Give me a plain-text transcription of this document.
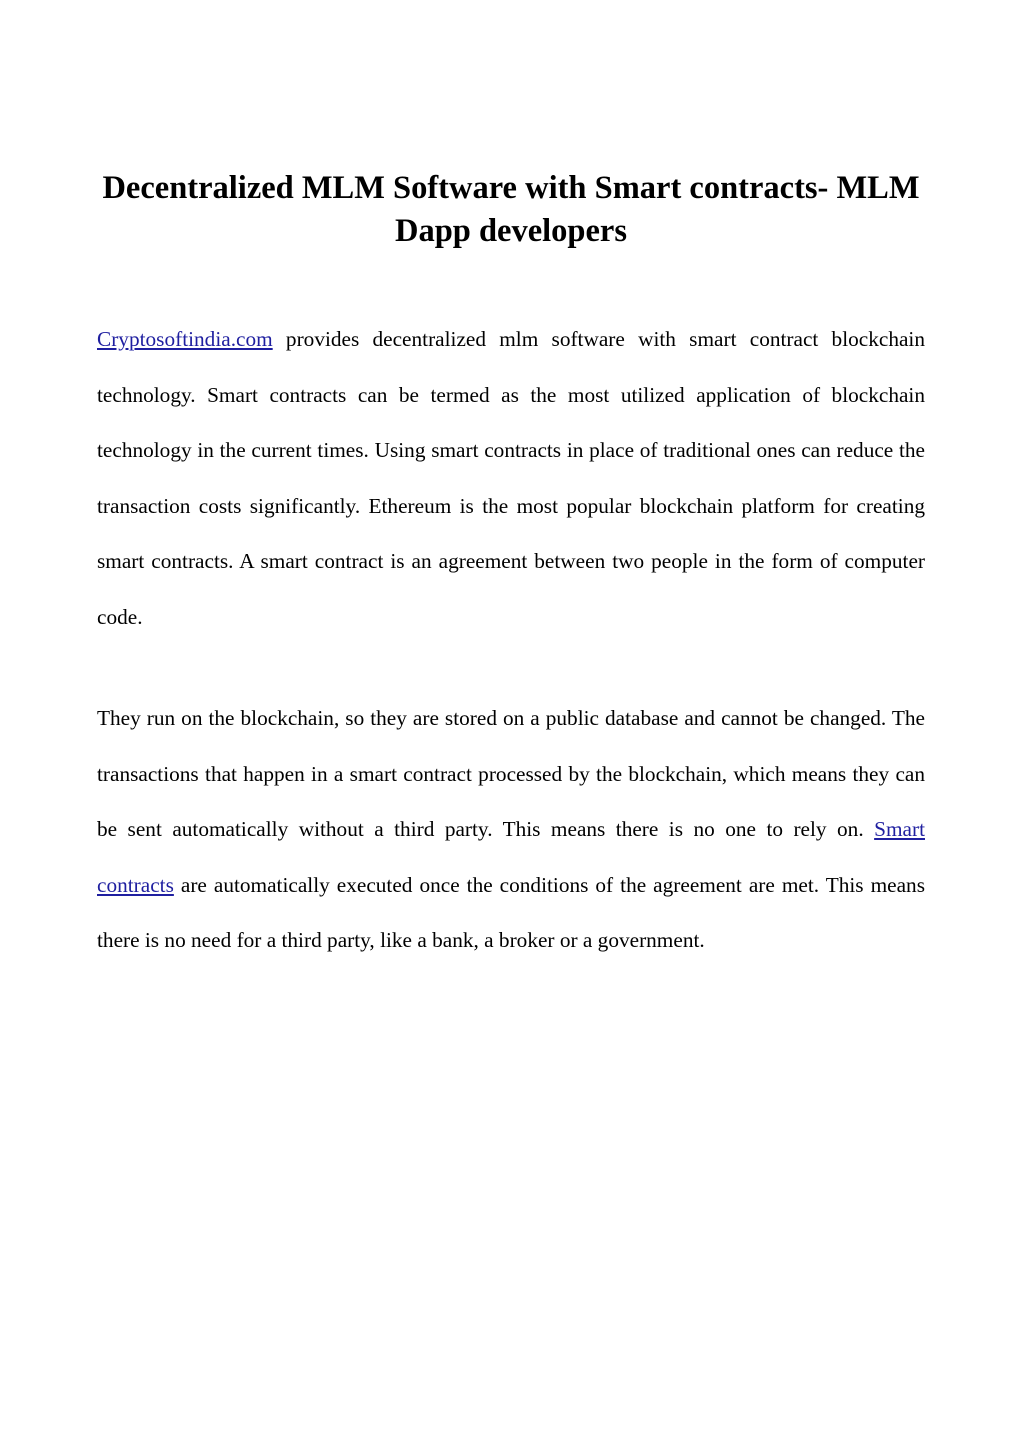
Decentralized MLM Software with Smart contracts- MLM Dapp developers

Cryptosoftindia.com provides decentralized mlm software with smart contract blockchain technology. Smart contracts can be termed as the most utilized application of blockchain technology in the current times. Using smart contracts in place of traditional ones can reduce the transaction costs significantly. Ethereum is the most popular blockchain platform for creating smart contracts. A smart contract is an agreement between two people in the form of computer code.

They run on the blockchain, so they are stored on a public database and cannot be changed. The transactions that happen in a smart contract processed by the blockchain, which means they can be sent automatically without a third party. This means there is no one to rely on. Smart contracts are automatically executed once the conditions of the agreement are met. This means there is no need for a third party, like a bank, a broker or a government.
